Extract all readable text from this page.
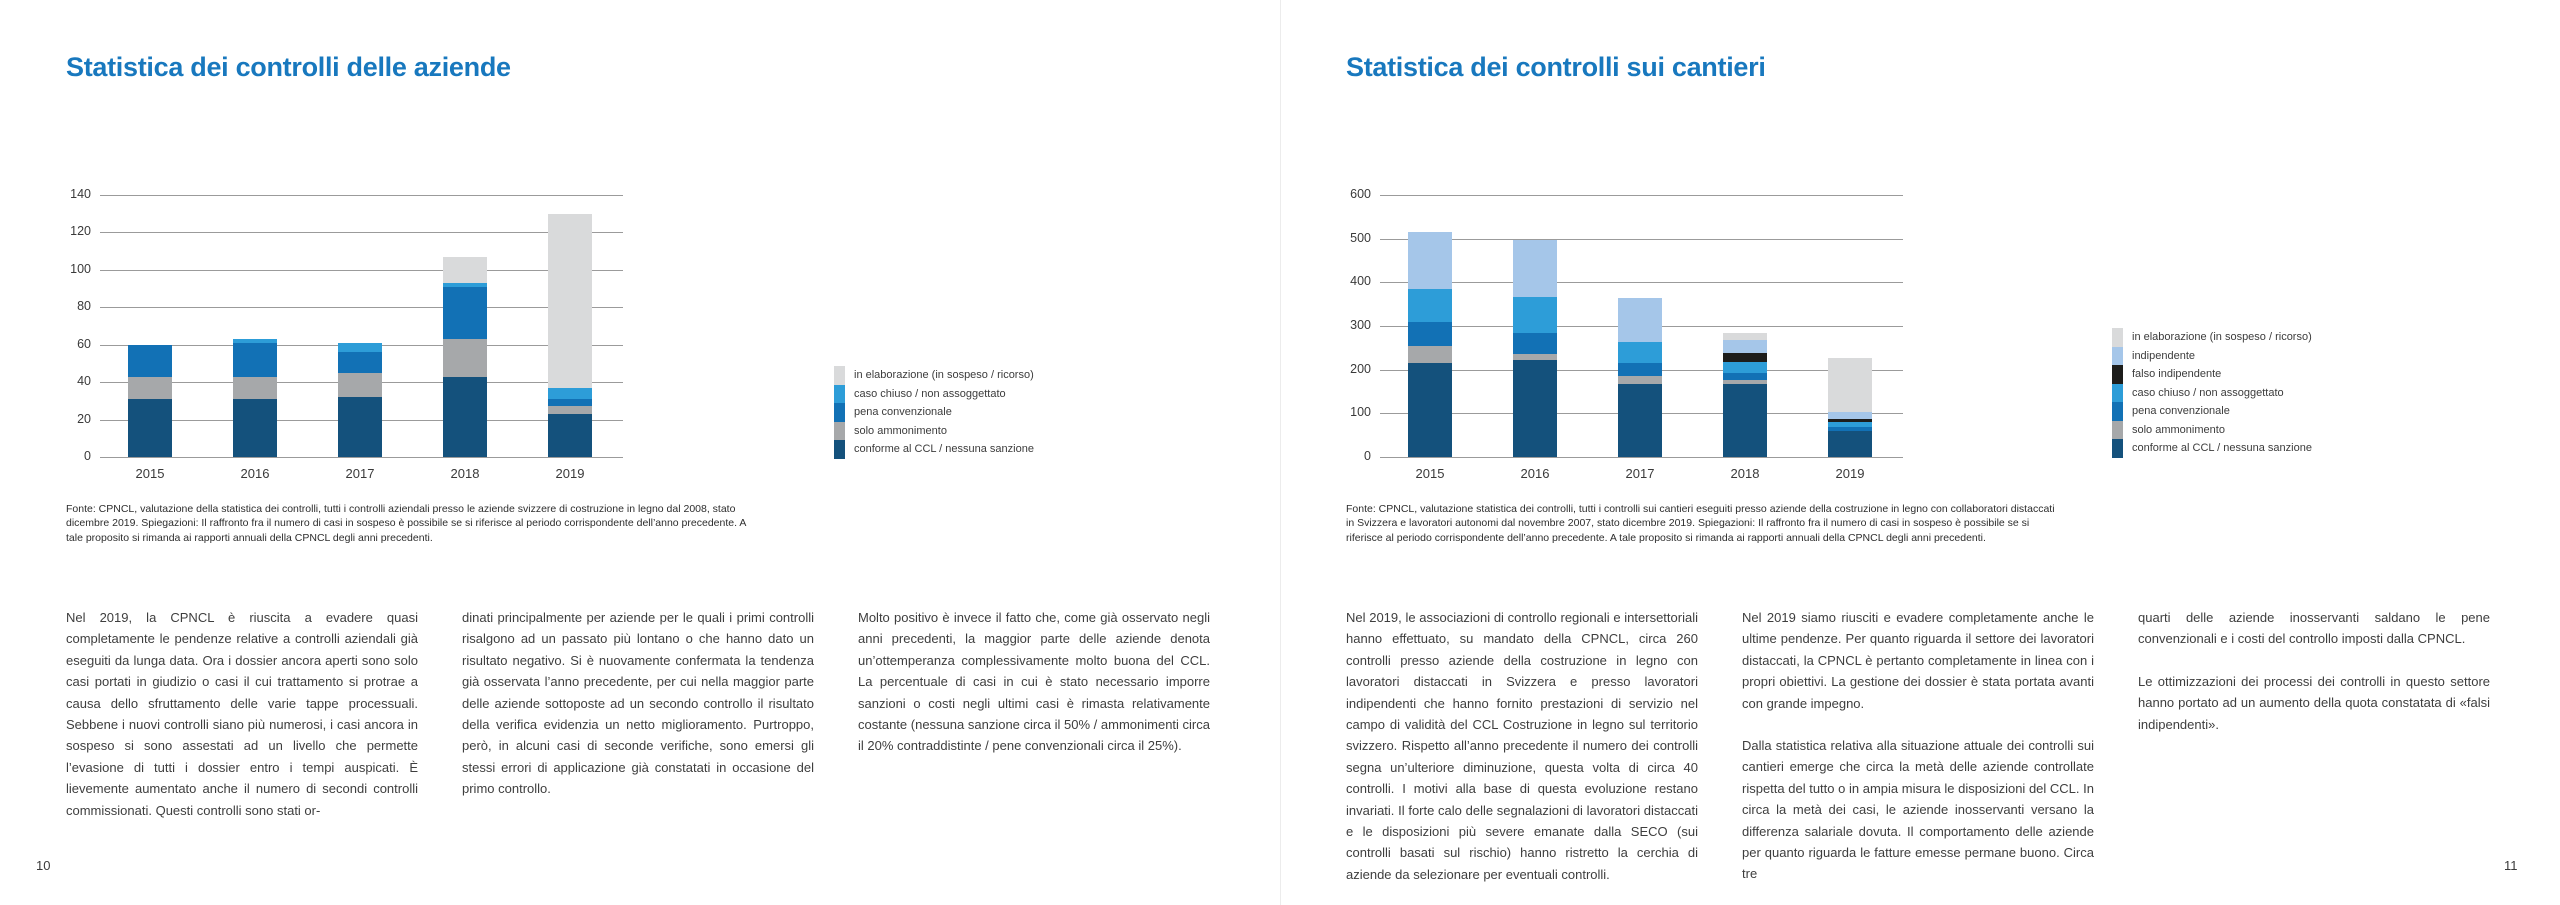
Statistica dei controlli delle aziende
0
20
40
60
80
100
120
140
2015	2016	2017	2018	2019
in elaborazione (in sospeso / ricorso)
caso chiuso / non assoggettato
pena convenzionale
solo ammonimento
conforme al CCL / nessuna sanzione
Fonte: CPNCL, valutazione della statistica dei controlli, tutti i controlli aziendali presso le aziende svizzere di costruzione in legno dal 2008, stato dicembre 2019. Spiegazioni: Il raffronto fra il numero di casi in sospeso è possibile se si riferisce al periodo corrispondente dell’anno precedente. A tale proposito si rimanda ai rapporti annuali della CPNCL degli anni precedenti.

Nel 2019, la CPNCL è riuscita a evadere quasi completamente le pendenze relative a controlli aziendali già eseguiti da lunga data. Ora i dossier ancora aperti sono solo casi portati in giudizio o casi il cui trattamento si protrae a causa dello sfruttamento delle varie tappe processuali. Sebbene i nuovi controlli siano più numerosi, i casi ancora in sospeso si sono assestati ad un livello che permette l’evasione di tutti i dossier entro i tempi auspicati. È lievemente aumentato anche il numero di secondi controlli commissionati. Questi controlli sono stati or-

dinati principalmente per aziende per le quali i primi controlli risalgono ad un passato più lontano o che hanno dato un risultato negativo. Si è nuovamente confermata la tendenza già osservata l’anno precedente, per cui nella maggior parte delle aziende sottoposte ad un secondo controllo il risultato della verifica evidenzia un netto miglioramento. Purtroppo, però, in alcuni casi di seconde verifiche, sono emersi gli stessi errori di applicazione già constatati in occasione del primo controllo.

Molto positivo è invece il fatto che, come già osservato negli anni precedenti, la maggior parte delle aziende denota un’ottemperanza complessivamente molto buona del CCL. La percentuale di casi in cui è stato necessario imporre sanzioni o costi negli ultimi casi è rimasta relativamente costante (nessuna sanzione circa il 50% / ammonimenti circa il 20% contraddistinte / pene convenzionali circa il 25%).

10
Statistica dei controlli sui cantieri
0
100
200
300
400
500
600
2015	2016	2017	2018	2019
in elaborazione (in sospeso / ricorso)
indipendente
falso indipendente
caso chiuso / non assoggettato
pena convenzionale
solo ammonimento
conforme al CCL / nessuna sanzione
Fonte: CPNCL, valutazione statistica dei controlli, tutti i controlli sui cantieri eseguiti presso aziende della costruzione in legno con collaboratori distaccati in Svizzera e lavoratori autonomi dal novembre 2007, stato dicembre 2019. Spiegazioni: Il raffronto fra il numero di casi in sospeso è possibile se si riferisce al periodo corrispondente dell’anno precedente. A tale proposito si rimanda ai rapporti annuali della CPNCL degli anni precedenti.

Nel 2019, le associazioni di controllo regionali e intersettoriali hanno effettuato, su mandato della CPNCL, circa 260 controlli presso aziende della costruzione in legno con lavoratori distaccati in Svizzera e presso lavoratori indipendenti che hanno fornito prestazioni di servizio nel campo di validità del CCL Costruzione in legno sul territorio svizzero. Rispetto all’anno precedente il numero dei controlli segna un’ulteriore diminuzione, questa volta di circa 40 controlli. I motivi alla base di questa evoluzione restano invariati. Il forte calo delle segnalazioni di lavoratori distaccati e le disposizioni più severe emanate dalla SECO (sui controlli basati sul rischio) hanno ristretto la cerchia di aziende da selezionare per eventuali controlli.

Nel 2019 siamo riusciti e evadere completamente anche le ultime pendenze. Per quanto riguarda il settore dei lavoratori distaccati, la CPNCL è pertanto completamente in linea con i propri obiettivi. La gestione dei dossier è stata portata avanti con grande impegno.

Dalla statistica relativa alla situazione attuale dei controlli sui cantieri emerge che circa la metà delle aziende controllate rispetta del tutto o in ampia misura le disposizioni del CCL. In circa la metà dei casi, le aziende inosservanti versano la differenza salariale dovuta. Il comportamento delle aziende per quanto riguarda le fatture emesse permane buono. Circa tre

quarti delle aziende inosservanti saldano le pene convenzionali e i costi del controllo imposti dalla CPNCL.

Le ottimizzazioni dei processi dei controlli in questo settore hanno portato ad un aumento della quota constatata di «falsi indipendenti».

11
